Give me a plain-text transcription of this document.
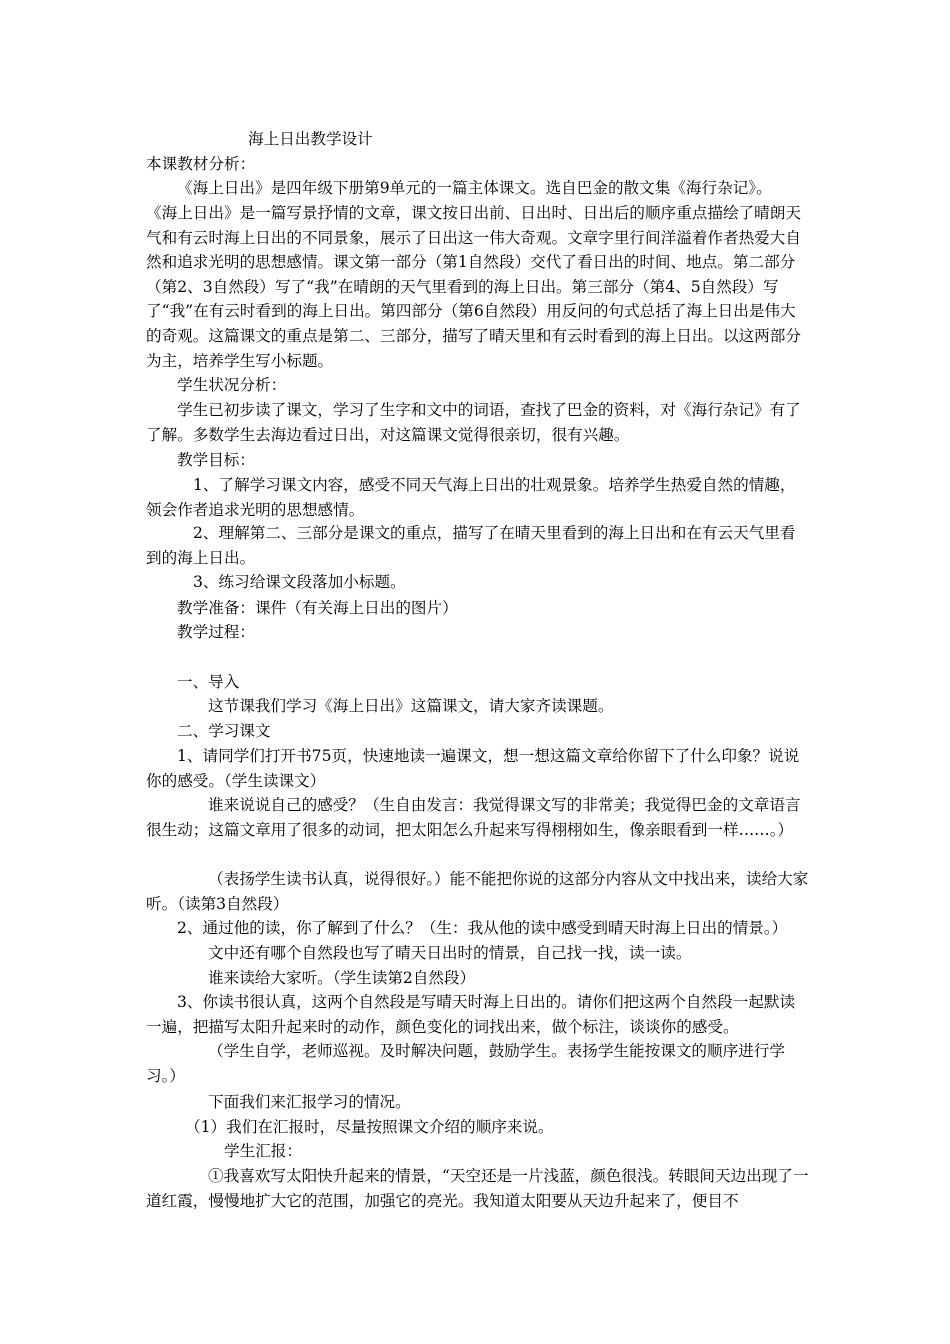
海上日出教学设计
本课教材分析：
《海上日出》是四年级下册第9单元的一篇主体课文。选自巴金的散文集《海行杂记》。
《海上日出》是一篇写景抒情的文章，课文按日出前、日出时、日出后的顺序重点描绘了晴朗天气和有云时海上日出的不同景象，展示了日出这一伟大奇观。文章字里行间洋溢着作者热爱大自然和追求光明的思想感情。课文第一部分（第1自然段）交代了看日出的时间、地点。第二部分（第2、3自然段）写了“我”在晴朗的天气里看到的海上日出。第三部分（第4、5自然段）写了“我”在有云时看到的海上日出。第四部分（第6自然段）用反问的句式总括了海上日出是伟大的奇观。这篇课文的重点是第二、三部分，描写了晴天里和有云时看到的海上日出。以这两部分为主，培养学生写小标题。
学生状况分析：
学生已初步读了课文，学习了生字和文中的词语，查找了巴金的资料，对《海行杂记》有了了解。多数学生去海边看过日出，对这篇课文觉得很亲切，很有兴趣。
教学目标：
1、了解学习课文内容，感受不同天气海上日出的壮观景象。培养学生热爱自然的情趣，领会作者追求光明的思想感情。
2、理解第二、三部分是课文的重点，描写了在晴天里看到的海上日出和在有云天气里看到的海上日出。
3、练习给课文段落加小标题。
教学准备：课件（有关海上日出的图片）
教学过程：

一、导入
这节课我们学习《海上日出》这篇课文，请大家齐读课题。
二、学习课文
1、请同学们打开书75页，快速地读一遍课文，想一想这篇文章给你留下了什么印象？说说你的感受。（学生读课文）
谁来说说自己的感受？（生自由发言：我觉得课文写的非常美；我觉得巴金的文章语言很生动；这篇文章用了很多的动词，把太阳怎么升起来写得栩栩如生，像亲眼看到一样……。）
（表扬学生读书认真，说得很好。）能不能把你说的这部分内容从文中找出来，读给大家听。（读第3自然段）
2、通过他的读，你了解到了什么？（生：我从他的读中感受到晴天时海上日出的情景。）
文中还有哪个自然段也写了晴天日出时的情景，自己找一找，读一读。
谁来读给大家听。（学生读第2自然段）
3、你读书很认真，这两个自然段是写晴天时海上日出的。请你们把这两个自然段一起默读一遍，把描写太阳升起来时的动作，颜色变化的词找出来，做个标注，谈谈你的感受。
（学生自学，老师巡视。及时解决问题，鼓励学生。表扬学生能按课文的顺序进行学习。）
下面我们来汇报学习的情况。
（1）我们在汇报时，尽量按照课文介绍的顺序来说。
学生汇报：
①我喜欢写太阳快升起来的情景，“天空还是一片浅蓝，颜色很浅。转眼间天边出现了一道红霞，慢慢地扩大它的范围，加强它的亮光。我知道太阳要从天边升起来了，便目不
